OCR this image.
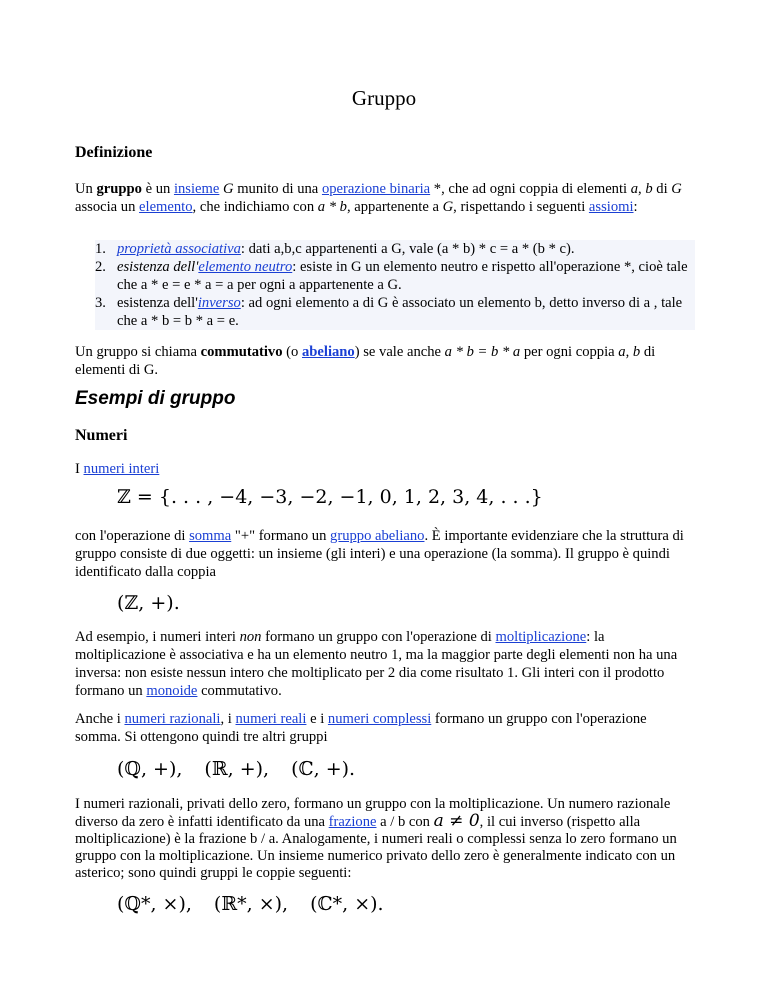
Gruppo
Definizione

Un gruppo è un insieme G munito di una operazione binaria *, che ad ogni coppia di elementi a, b di G associa un elemento, che indichiamo con a * b, appartenente a G, rispettando i seguenti assiomi:

1. proprietà associativa: dati a,b,c appartenenti a G, vale (a * b) * c = a * (b * c).
2. esistenza dell'elemento neutro: esiste in G un elemento neutro e rispetto all'operazione *, cioè tale che a * e = e * a = a per ogni a appartenente a G.
3. esistenza dell'inverso: ad ogni elemento a di G è associato un elemento b, detto inverso di a , tale che a * b = b * a = e.

Un gruppo si chiama commutativo (o abeliano) se vale anche a * b = b * a per ogni coppia a, b di elementi di G.

Esempi di gruppo
Numeri

I numeri interi

ℤ = {. . . , −4, −3, −2, −1, 0, 1, 2, 3, 4, . . .}

con l'operazione di somma "+" formano un gruppo abeliano. È importante evidenziare che la struttura di gruppo consiste di due oggetti: un insieme (gli interi) e una operazione (la somma). Il gruppo è quindi identificato dalla coppia

(ℤ, +).

Ad esempio, i numeri interi non formano un gruppo con l'operazione di moltiplicazione: la moltiplicazione è associativa e ha un elemento neutro 1, ma la maggior parte degli elementi non ha una inversa: non esiste nessun intero che moltiplicato per 2 dia come risultato 1. Gli interi con il prodotto formano un monoide commutativo.

Anche i numeri razionali, i numeri reali e i numeri complessi formano un gruppo con l'operazione somma. Si ottengono quindi tre altri gruppi

(ℚ, +), (ℝ, +), (ℂ, +).

I numeri razionali, privati dello zero, formano un gruppo con la moltiplicazione. Un numero razionale diverso da zero è infatti identificato da una frazione a / b con a ≠ 0, il cui inverso (rispetto alla moltiplicazione) è la frazione b / a. Analogamente, i numeri reali o complessi senza lo zero formano un gruppo con la moltiplicazione. Un insieme numerico privato dello zero è generalmente indicato con un asterico; sono quindi gruppi le coppie seguenti:

(ℚ*, ×), (ℝ*, ×), (ℂ*, ×).
